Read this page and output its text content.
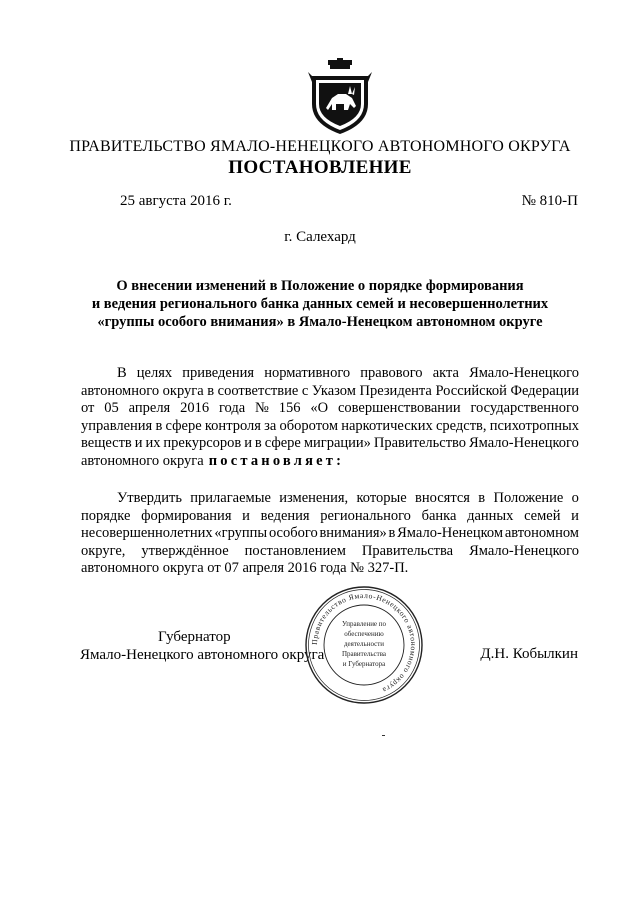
ПРАВИТЕЛЬСТВО ЯМАЛО-НЕНЕЦКОГО АВТОНОМНОГО ОКРУГА
ПОСТАНОВЛЕНИЕ
25 августа 2016 г.	№ 810-П
г. Салехард
О внесении изменений в Положение о порядке формирования
и ведения регионального банка данных семей и несовершеннолетних
«группы особого внимания» в Ямало-Ненецком автономном округе
В целях приведения нормативного правового акта Ямало-Ненецкого
автономного округа в соответствие с Указом Президента Российской Федерации
от 05 апреля 2016 года № 156 «О совершенствовании государственного
управления в сфере контроля за оборотом наркотических средств, психотропных
веществ и их прекурсоров и в сфере миграции» Правительство Ямало-Ненецкого
автономного округа постановляет:
Утвердить прилагаемые изменения, которые вносятся в Положение о
порядке формирования и ведения регионального банка данных семей и
несовершеннолетних «группы особого внимания» в Ямало-Ненецком автономном
округе, утверждённое постановлением Правительства Ямало-Ненецкого
автономного округа от 07 апреля 2016 года № 327-П.
Губернатор
Ямало-Ненецкого автономного округа	Д.Н. Кобылкин
Правительство Ямало-Ненецкого автономного округа
Управление по
обеспечению
деятельности
Правительства
и Губернатора
